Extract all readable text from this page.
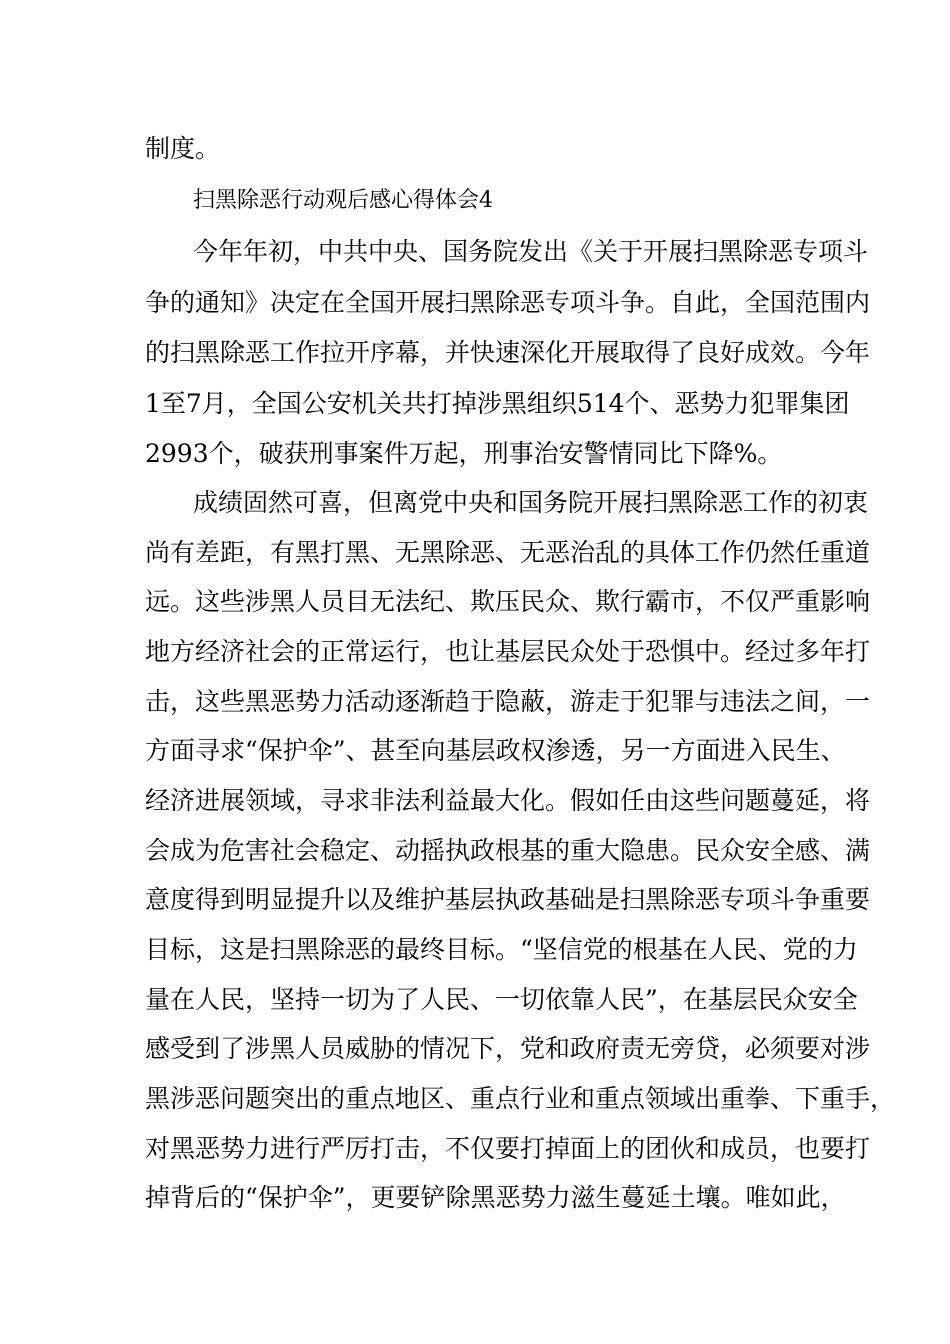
制度。
扫黑除恶行动观后感心得体会4
今年年初，中共中央、国务院发出《关于开展扫黑除恶专项斗
争的通知》决定在全国开展扫黑除恶专项斗争。自此，全国范围内
的扫黑除恶工作拉开序幕，并快速深化开展取得了良好成效。今年
1至7月，全国公安机关共打掉涉黑组织514个、恶势力犯罪集团
2993个，破获刑事案件万起，刑事治安警情同比下降%。
成绩固然可喜，但离党中央和国务院开展扫黑除恶工作的初衷
尚有差距，有黑打黑、无黑除恶、无恶治乱的具体工作仍然任重道
远。这些涉黑人员目无法纪、欺压民众、欺行霸市，不仅严重影响
地方经济社会的正常运行，也让基层民众处于恐惧中。经过多年打
击，这些黑恶势力活动逐渐趋于隐蔽，游走于犯罪与违法之间，一
方面寻求“保护伞”、甚至向基层政权渗透，另一方面进入民生、
经济进展领域，寻求非法利益最大化。假如任由这些问题蔓延，将
会成为危害社会稳定、动摇执政根基的重大隐患。民众安全感、满
意度得到明显提升以及维护基层执政基础是扫黑除恶专项斗争重要
目标，这是扫黑除恶的最终目标。“坚信党的根基在人民、党的力
量在人民，坚持一切为了人民、一切依靠人民”，在基层民众安全
感受到了涉黑人员威胁的情况下，党和政府责无旁贷，必须要对涉
黑涉恶问题突出的重点地区、重点行业和重点领域出重拳、下重手，
对黑恶势力进行严厉打击，不仅要打掉面上的团伙和成员，也要打
掉背后的“保护伞”，更要铲除黑恶势力滋生蔓延土壤。唯如此，
